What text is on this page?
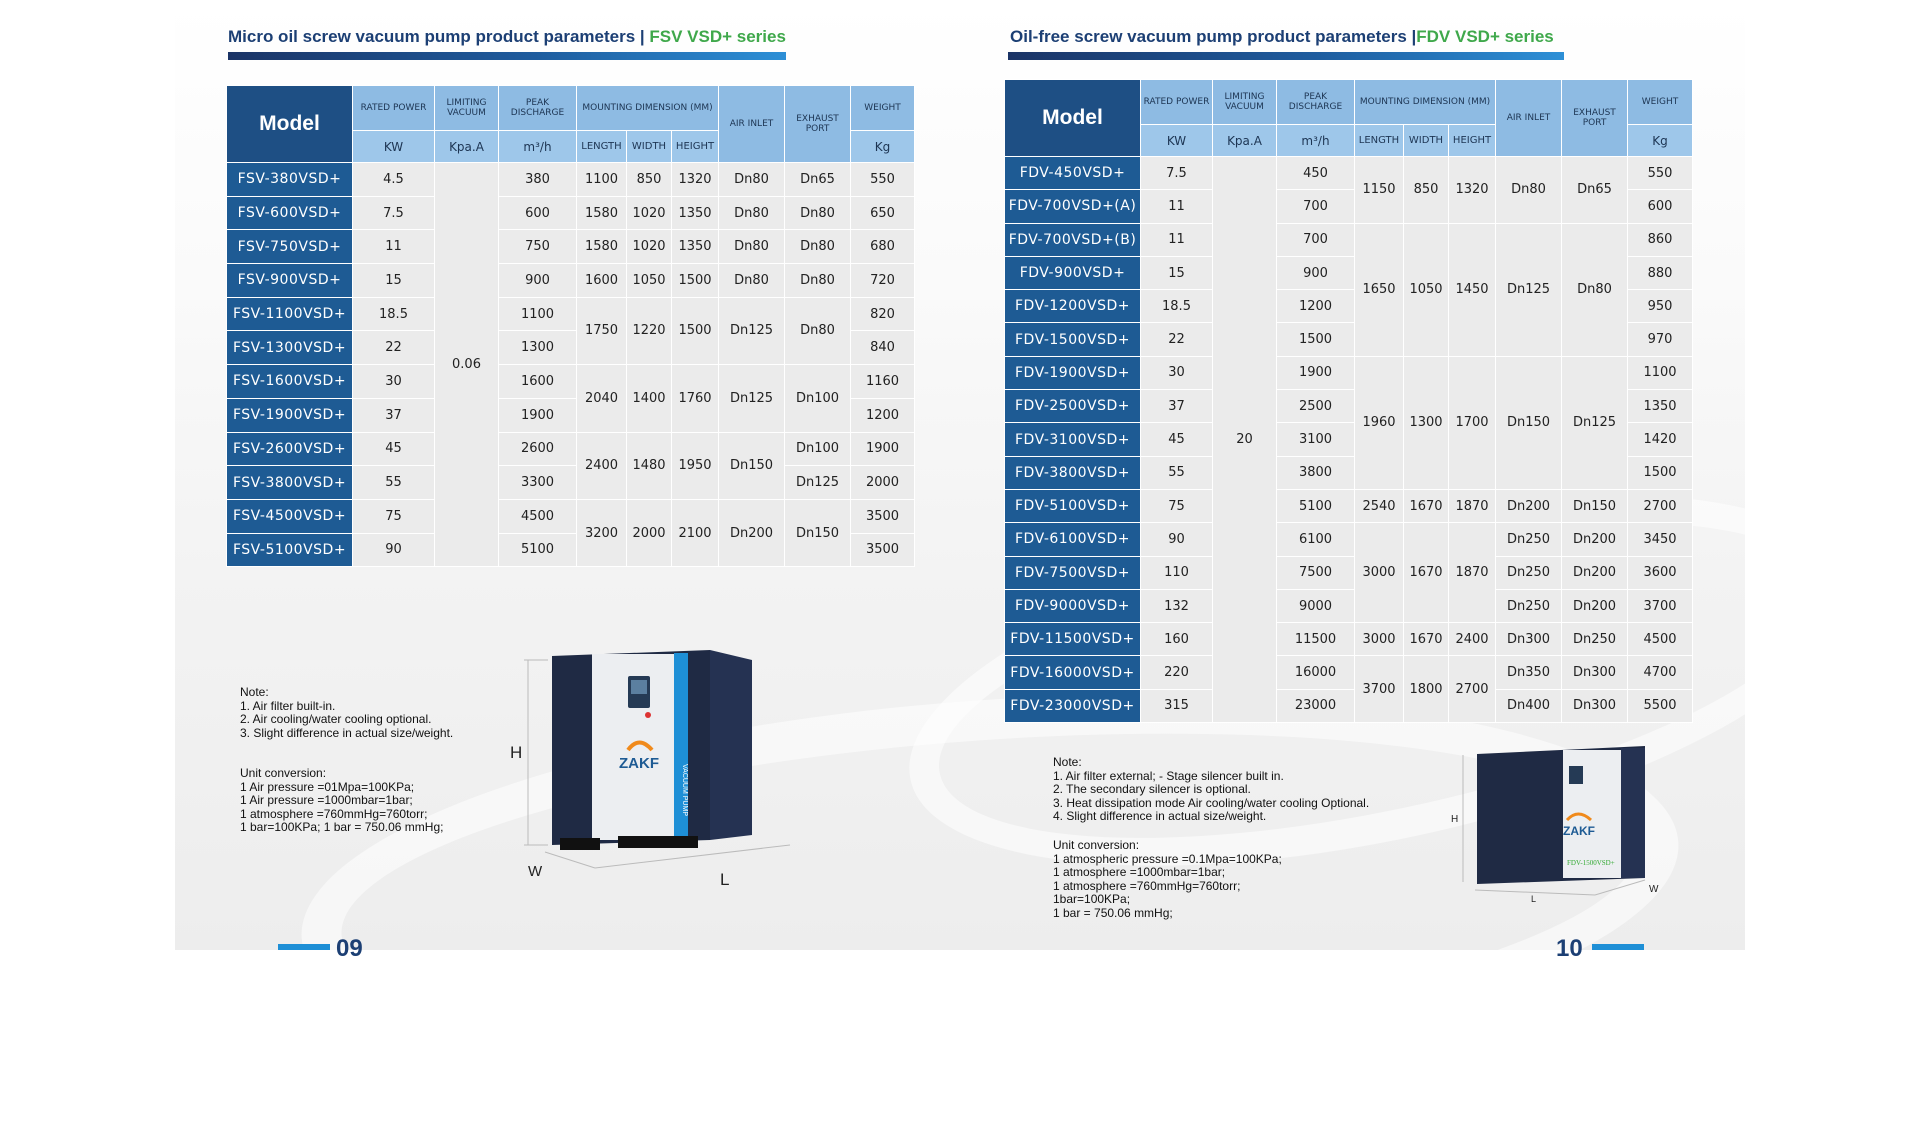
Micro oil screw vacuum pump product parameters | FSV VSD+ series
Model	RATED POWER	LIMITING VACUUM	PEAK DISCHARGE	MOUNTING DIMENSION (MM)			AIR INLET	EXHAUST PORT	WEIGHT
	KW	Kpa.A	m³/h	LENGTH	WIDTH	HEIGHT			Kg
FSV-380VSD+	4.5	0.06	380	1100	850	1320	Dn80	Dn65	550
FSV-600VSD+	7.5		600	1580	1020	1350	Dn80	Dn80	650
FSV-750VSD+	11		750	1580	1020	1350	Dn80	Dn80	680
FSV-900VSD+	15		900	1600	1050	1500	Dn80	Dn80	720
FSV-1100VSD+	18.5		1100	1750	1220	1500	Dn125	Dn80	820
FSV-1300VSD+	22		1300						840
FSV-1600VSD+	30		1600	2040	1400	1760	Dn125	Dn100	1160
FSV-1900VSD+	37		1900						1200
FSV-2600VSD+	45		2600	2400	1480	1950	Dn150	Dn100	1900
FSV-3800VSD+	55		3300					Dn125	2000
FSV-4500VSD+	75		4500	3200	2000	2100	Dn200	Dn150	3500
FSV-5100VSD+	90		5100						3500
Oil-free screw vacuum pump product parameters |FDV VSD+ series
Model	RATED POWER	LIMITING VACUUM	PEAK DISCHARGE	MOUNTING DIMENSION (MM)			AIR INLET	EXHAUST PORT	WEIGHT
	KW	Kpa.A	m³/h	LENGTH	WIDTH	HEIGHT			Kg
FDV-450VSD+	7.5	20	450	1150	850	1320	Dn80	Dn65	550
FDV-700VSD+(A)	11		700						600
FDV-700VSD+(B)	11		700	1650	1050	1450	Dn125	Dn80	860
FDV-900VSD+	15		900						880
FDV-1200VSD+	18.5		1200						950
FDV-1500VSD+	22		1500						970
FDV-1900VSD+	30		1900	1960	1300	1700	Dn150	Dn125	1100
FDV-2500VSD+	37		2500						1350
FDV-3100VSD+	45		3100						1420
FDV-3800VSD+	55		3800						1500
FDV-5100VSD+	75		5100	2540	1670	1870	Dn200	Dn150	2700
FDV-6100VSD+	90		6100	3000	1670	1870	Dn250	Dn200	3450
FDV-7500VSD+	110		7500				Dn250	Dn200	3600
FDV-9000VSD+	132		9000				Dn250	Dn200	3700
FDV-11500VSD+	160		11500	3000	1670	2400	Dn300	Dn250	4500
FDV-16000VSD+	220		16000	3700	1800	2700	Dn350	Dn300	4700
FDV-23000VSD+	315		23000				Dn400	Dn300	5500
Note:
1. Air filter built-in.
2. Air cooling/water cooling optional.
3. Slight difference in actual size/weight.
Unit conversion:
1 Air pressure =01Mpa=100KPa;
1 Air pressure =1000mbar=1bar;
1 atmosphere =760mmHg=760torr;
1 bar=100KPa; 1 bar = 750.06 mmHg;
ZAKF
VACUUM PUMP
H
W	L
Note:
1. Air filter external; - Stage silencer built in.
2. The secondary silencer is optional.
3. Heat dissipation mode Air cooling/water cooling Optional.
4. Slight difference in actual size/weight.
Unit conversion:
1 atmospheric pressure =0.1Mpa=100KPa;
1 atmosphere =1000mbar=1bar;
1 atmosphere =760mmHg=760torr;
1bar=100KPa;
1 bar = 750.06 mmHg;
ZAKF
FDV-1500VSD+
H
L
W
09	10
